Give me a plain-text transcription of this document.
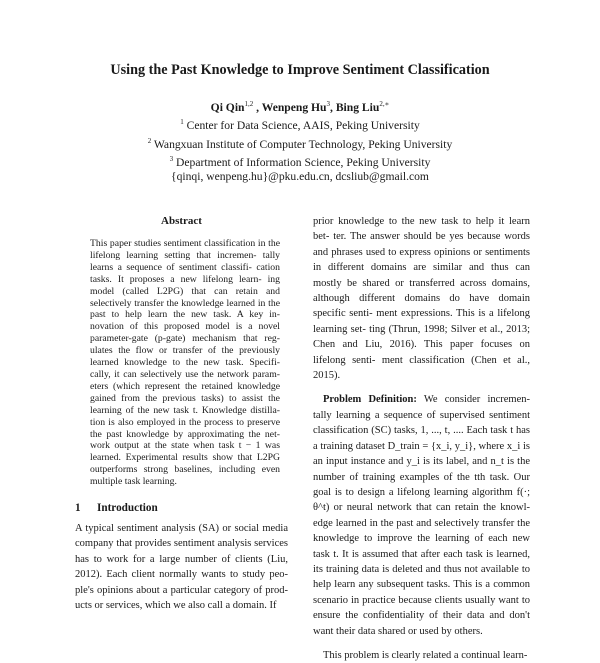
Using the Past Knowledge to Improve Sentiment Classification
Qi Qin$^{1,2}$ , Wenpeng Hu$^3$, Bing Liu$^{2,∗}$
$^1$ Center for Data Science, AAIS, Peking University
$^2$ Wangxuan Institute of Computer Technology, Peking University
$^3$ Department of Information Science, Peking University
{qinqi, wenpeng.hu}@pku.edu.cn, dcsliub@gmail.com
Abstract
This paper studies sentiment classification in the lifelong learning setting that incremen- tally learns a sequence of sentiment classifi- cation tasks. It proposes a new lifelong learn- ing model (called L2PG) that can retain and selectively transfer the knowledge learned in the past to help learn the new task. A key in- novation of this proposed model is a novel parameter-gate (p-gate) mechanism that reg- ulates the flow or transfer of the previously learned knowledge to the new task. Specifi- cally, it can selectively use the network param- eters (which represent the retained knowledge gained from the previous tasks) to assist the learning of the new task t. Knowledge distilla- tion is also employed in the process to preserve the past knowledge by approximating the net- work output at the state when task t − 1 was learned. Experimental results show that L2PG outperforms strong baselines, including even multiple task learning.
1 Introduction
A typical sentiment analysis (SA) or social media company that provides sentiment analysis services has to work for a large number of clients (Liu, 2012). Each client normally wants to study peo- ple's opinions about a particular category of prod- ucts or services, which we also call a domain. If
prior knowledge to the new task to help it learn bet- ter. The answer should be yes because words and phrases used to express opinions or sentiments in different domains are similar and thus can mostly be shared or transferred across domains, although different domains do have domain specific senti- ment expressions. This is a lifelong learning set- ting (Thrun, 1998; Silver et al., 2013; Chen and Liu, 2016). This paper focuses on lifelong senti- ment classification (Chen et al., 2015).
Problem Definition: We consider incremen- tally learning a sequence of supervised sentiment classification (SC) tasks, 1, ..., t, .... Each task t has a training dataset D_train = {x_i, y_i}, where x_i is an input instance and y_i is its label, and n_t is the number of training examples of the tth task. Our goal is to design a lifelong learning algorithm f(·; θ^t) or neural network that can retain the knowl- edge learned in the past and selectively transfer the knowledge to improve the learning of each new task t. It is assumed that after each task is learned, its training data is deleted and thus not available to help learn any subsequent tasks. This is a common scenario in practice because clients usually want to ensure the confidentiality of their data and don't want their data shared or used by others.
This problem is clearly related a continual learn-
